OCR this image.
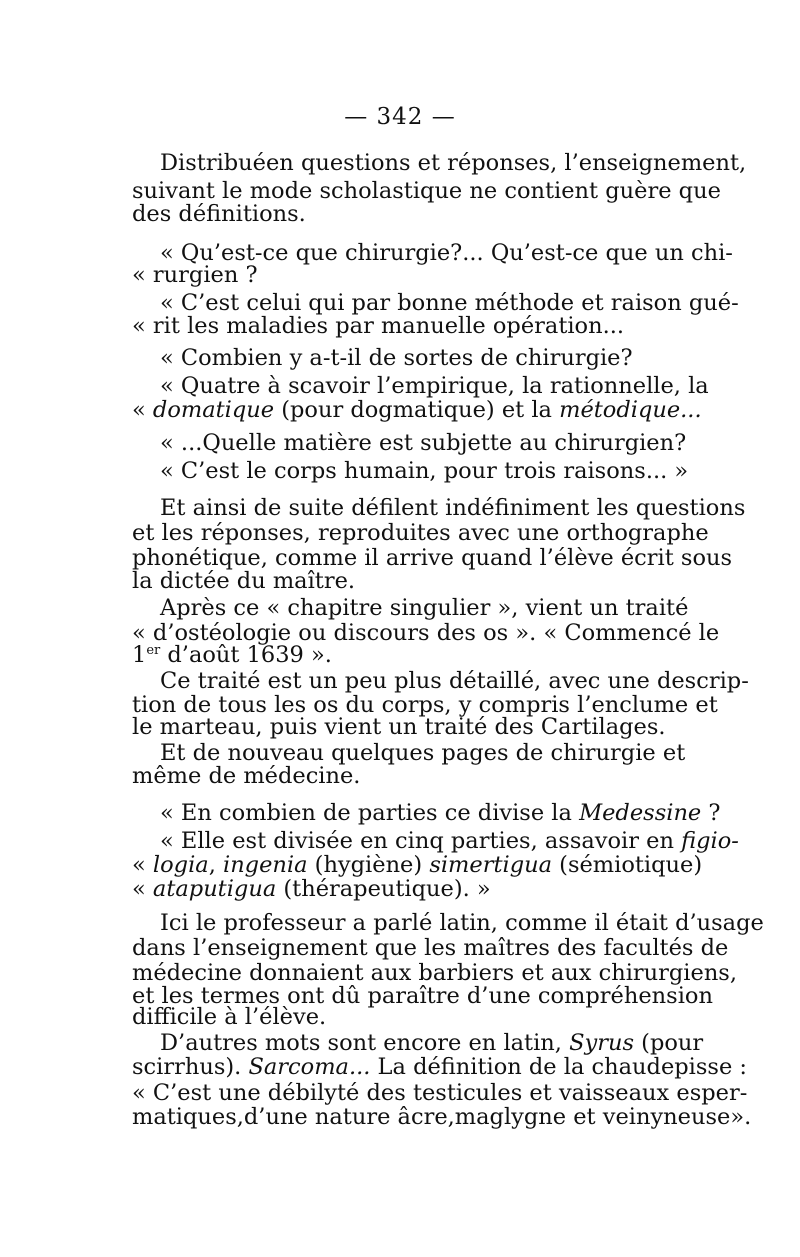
— 342 —
Distribuéen questions et réponses, l’enseignement,
suivant le mode scholastique ne contient guère que
des définitions.
« Qu’est-ce que chirurgie?... Qu’est-ce que un chi-
« rurgien ?
« C’est celui qui par bonne méthode et raison gué-
« rit les maladies par manuelle opération...
« Combien y a-t-il de sortes de chirurgie?
« Quatre à scavoir l’empirique, la rationnelle, la
« domatique (pour dogmatique) et la métodique...
« ...Quelle matière est subjette au chirurgien?
« C’est le corps humain, pour trois raisons... »
Et ainsi de suite défilent indéfiniment les questions
et les réponses, reproduites avec une orthographe
phonétique, comme il arrive quand l’élève écrit sous
la dictée du maître.
Après ce « chapitre singulier », vient un traité
« d’ostéologie ou discours des os ». « Commencé le
1er d’août 1639 ».
Ce traité est un peu plus détaillé, avec une descrip-
tion de tous les os du corps, y compris l’enclume et
le marteau, puis vient un traité des Cartilages.
Et de nouveau quelques pages de chirurgie et
même de médecine.
« En combien de parties ce divise la Medessine ?
« Elle est divisée en cinq parties, assavoir en figio-
« logia, ingenia (hygiène) simertigua (sémiotique)
« ataputigua (thérapeutique). »
Ici le professeur a parlé latin, comme il était d’usage
dans l’enseignement que les maîtres des facultés de
médecine donnaient aux barbiers et aux chirurgiens,
et les termes ont dû paraître d’une compréhension
difficile à l’élève.
D’autres mots sont encore en latin, Syrus (pour
scirrhus). Sarcoma... La définition de la chaudepisse :
« C’est une débilyté des testicules et vaisseaux esper-
matiques,d’une nature âcre,maglygne et veinyneuse».
